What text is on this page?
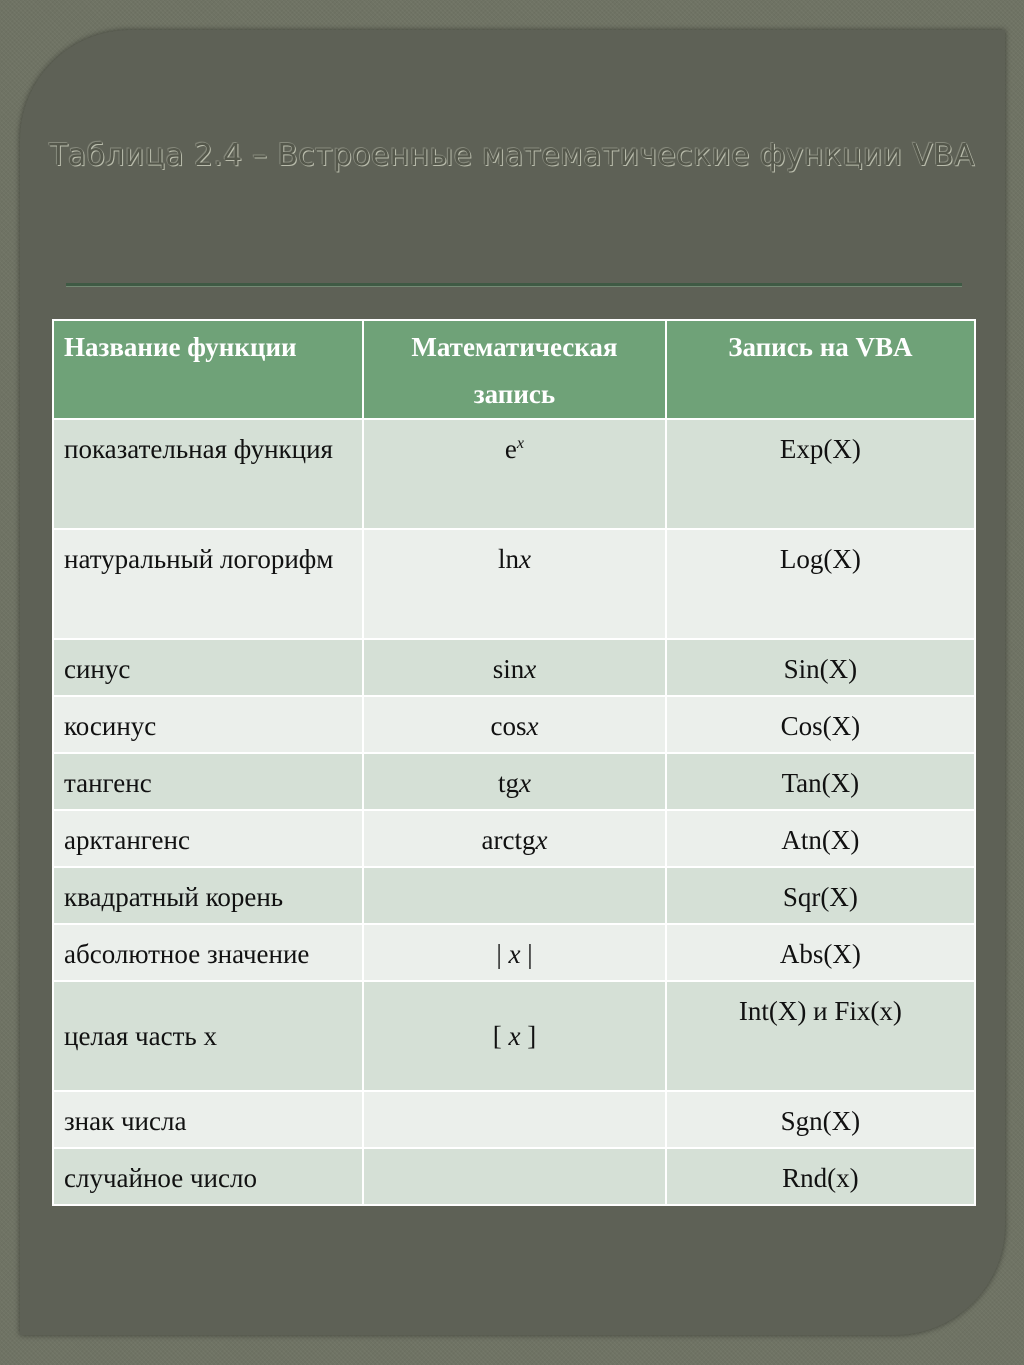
Таблица 2.4 – Встроенные математические функции VBA
Название функции	Математическая запись	Запись на VBA
показательная функция	$e^x$	Exp(X)
натуральный логорифм	lnx	Log(X)
синус	sinx	Sin(X)
косинус	cosx	Cos(X)
тангенс	tgx	Tan(X)
арктангенс	arctgx	Atn(X)
квадратный корень		Sqr(X)
абсолютное значение	| x |	Abs(X)
целая часть x	[ x ]	Int(X) и Fix(x)
знак числа		Sgn(X)
случайное число		Rnd(x)
